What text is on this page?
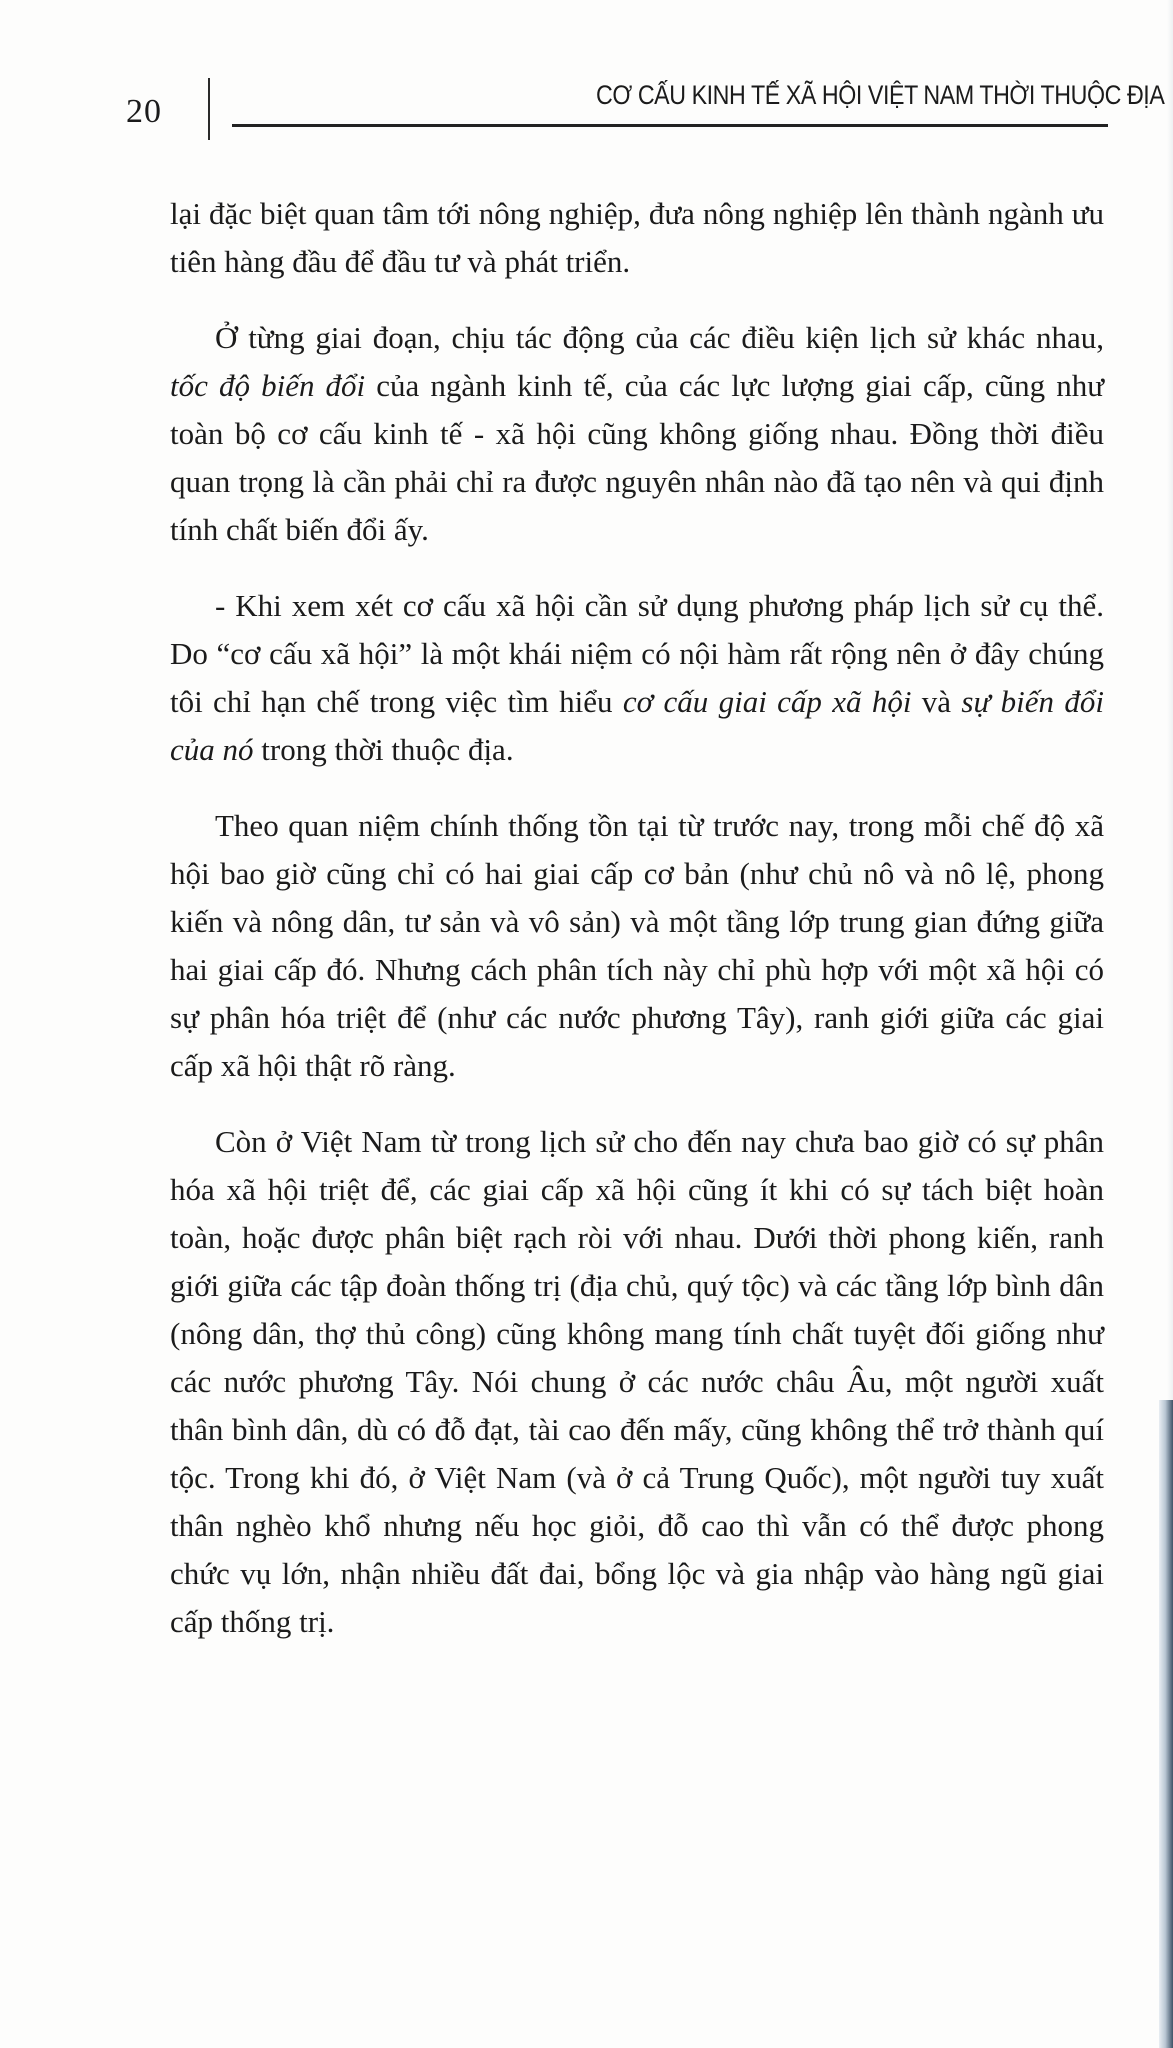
20	CƠ CẤU KINH TẾ XÃ HỘI VIỆT NAM THỜI THUỘC ĐỊA

lại đặc biệt quan tâm tới nông nghiệp, đưa nông nghiệp lên thành ngành ưu tiên hàng đầu để đầu tư và phát triển.

Ở từng giai đoạn, chịu tác động của các điều kiện lịch sử khác nhau, tốc độ biến đổi của ngành kinh tế, của các lực lượng giai cấp, cũng như toàn bộ cơ cấu kinh tế - xã hội cũng không giống nhau. Đồng thời điều quan trọng là cần phải chỉ ra được nguyên nhân nào đã tạo nên và qui định tính chất biến đổi ấy.

- Khi xem xét cơ cấu xã hội cần sử dụng phương pháp lịch sử cụ thể. Do “cơ cấu xã hội” là một khái niệm có nội hàm rất rộng nên ở đây chúng tôi chỉ hạn chế trong việc tìm hiểu cơ cấu giai cấp xã hội và sự biến đổi của nó trong thời thuộc địa.

Theo quan niệm chính thống tồn tại từ trước nay, trong mỗi chế độ xã hội bao giờ cũng chỉ có hai giai cấp cơ bản (như chủ nô và nô lệ, phong kiến và nông dân, tư sản và vô sản) và một tầng lớp trung gian đứng giữa hai giai cấp đó. Nhưng cách phân tích này chỉ phù hợp với một xã hội có sự phân hóa triệt để (như các nước phương Tây), ranh giới giữa các giai cấp xã hội thật rõ ràng.

Còn ở Việt Nam từ trong lịch sử cho đến nay chưa bao giờ có sự phân hóa xã hội triệt để, các giai cấp xã hội cũng ít khi có sự tách biệt hoàn toàn, hoặc được phân biệt rạch ròi với nhau. Dưới thời phong kiến, ranh giới giữa các tập đoàn thống trị (địa chủ, quý tộc) và các tầng lớp bình dân (nông dân, thợ thủ công) cũng không mang tính chất tuyệt đối giống như các nước phương Tây. Nói chung ở các nước châu Âu, một người xuất thân bình dân, dù có đỗ đạt, tài cao đến mấy, cũng không thể trở thành quí tộc. Trong khi đó, ở Việt Nam (và ở cả Trung Quốc), một người tuy xuất thân nghèo khổ nhưng nếu học giỏi, đỗ cao thì vẫn có thể được phong chức vụ lớn, nhận nhiều đất đai, bổng lộc và gia nhập vào hàng ngũ giai cấp thống trị.
